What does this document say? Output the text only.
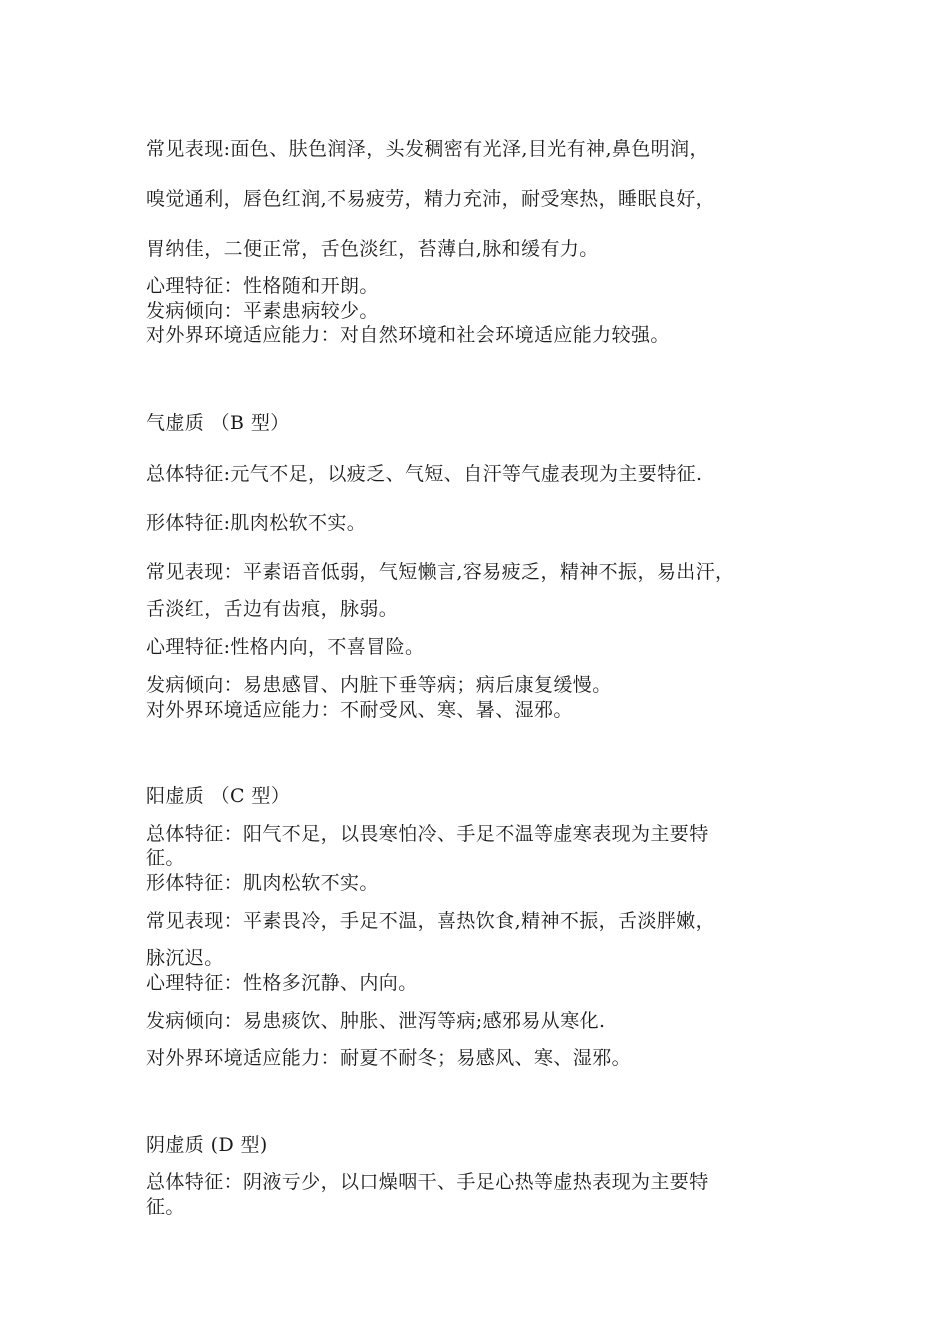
常见表现:面色、肤色润泽，头发稠密有光泽,目光有神,鼻色明润，
嗅觉通利，唇色红润,不易疲劳，精力充沛，耐受寒热，睡眠良好，
胃纳佳，二便正常，舌色淡红，苔薄白,脉和缓有力。
心理特征：性格随和开朗。
发病倾向：平素患病较少。
对外界环境适应能力：对自然环境和社会环境适应能力较强。
气虚质 （B 型）
总体特征:元气不足，以疲乏、气短、自汗等气虚表现为主要特征.
形体特征:肌肉松软不实。
常见表现：平素语音低弱，气短懒言,容易疲乏，精神不振，易出汗，
舌淡红，舌边有齿痕，脉弱。
心理特征:性格内向，不喜冒险。
发病倾向：易患感冒、内脏下垂等病；病后康复缓慢。
对外界环境适应能力：不耐受风、寒、暑、湿邪。
阳虚质 （C 型）
总体特征：阳气不足，以畏寒怕冷、手足不温等虚寒表现为主要特
征。
形体特征：肌肉松软不实。
常见表现：平素畏冷，手足不温，喜热饮食,精神不振，舌淡胖嫩，
脉沉迟。
心理特征：性格多沉静、内向。
发病倾向：易患痰饮、肿胀、泄泻等病;感邪易从寒化.
对外界环境适应能力：耐夏不耐冬；易感风、寒、湿邪。
阴虚质 (D 型)
总体特征：阴液亏少，以口燥咽干、手足心热等虚热表现为主要特
征。
